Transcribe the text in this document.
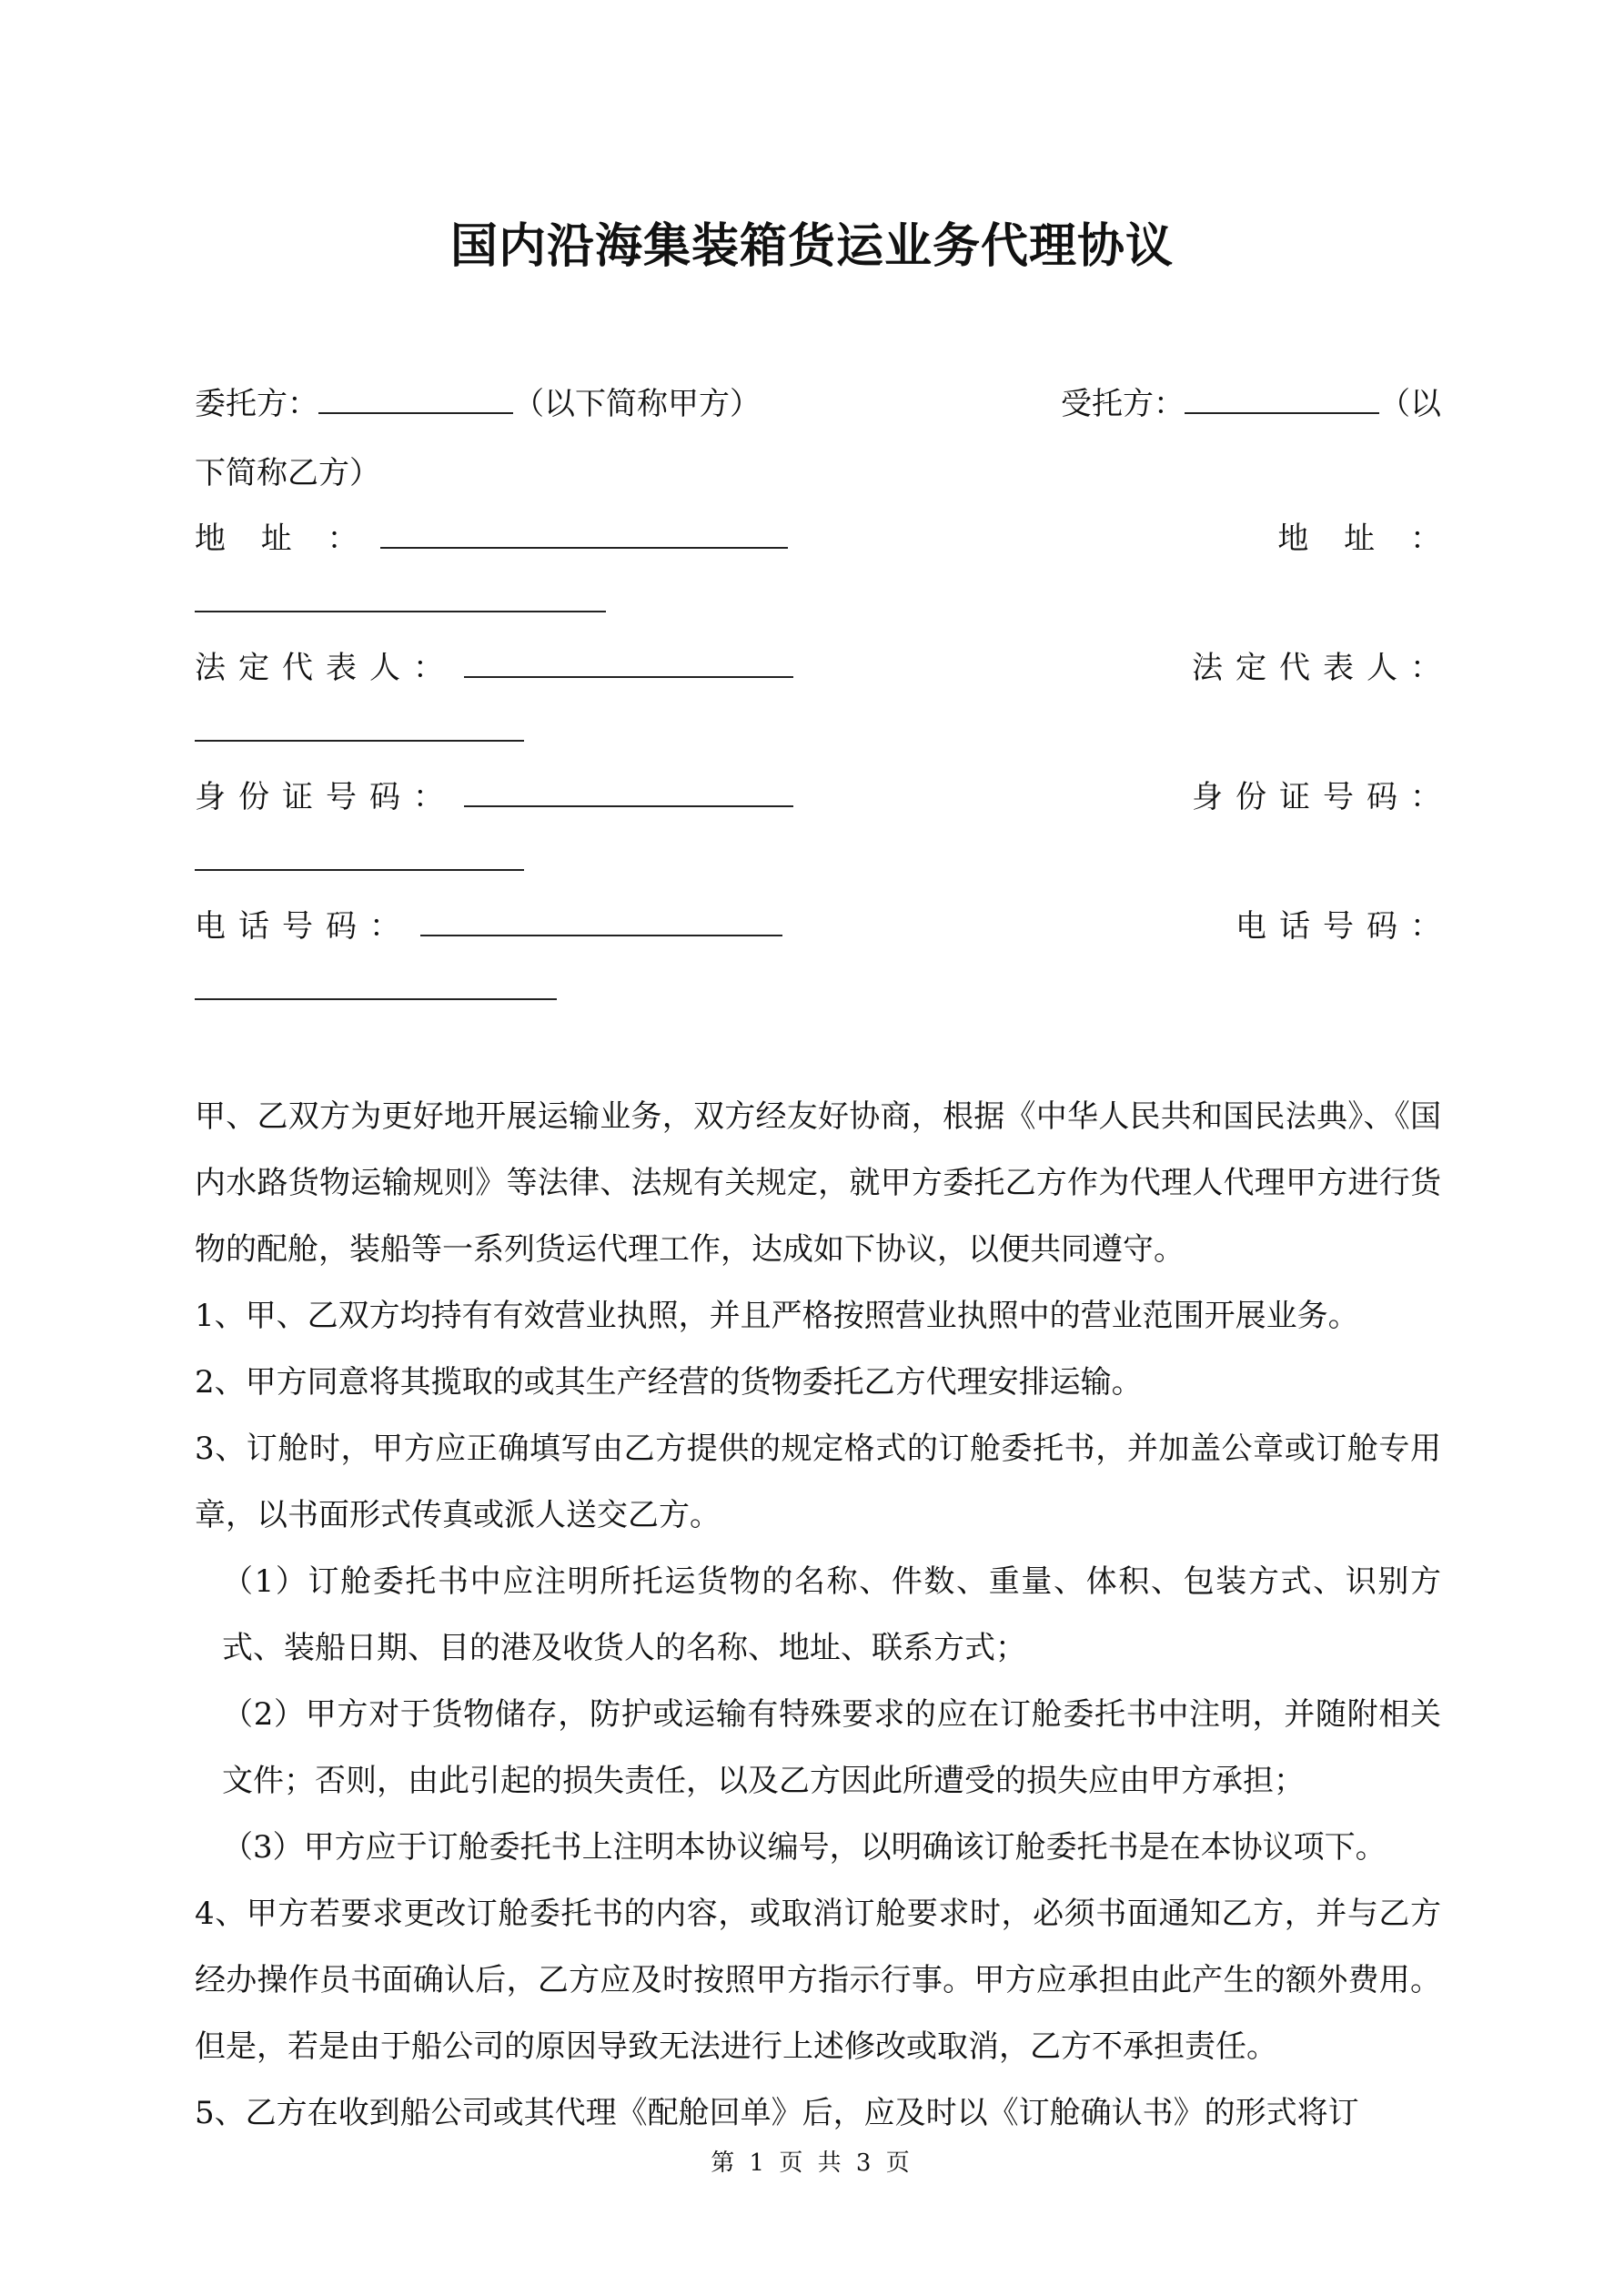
国内沿海集装箱货运业务代理协议
委托方：	（以下简称甲方）	受托方：	（以
下简称乙方）
地 址 ：	地 址 ：
法定代表人：	法定代表人：
身份证号码：	身份证号码：
电话号码：	电话号码：

甲、乙双方为更好地开展运输业务，双方经友好协商，根据《中华人民共和国民法典》、《国内水路货物运输规则》等法律、法规有关规定，就甲方委托乙方作为代理人代理甲方进行货物的配舱，装船等一系列货运代理工作，达成如下协议，以便共同遵守。

1、甲、乙双方均持有有效营业执照，并且严格按照营业执照中的营业范围开展业务。

2、甲方同意将其揽取的或其生产经营的货物委托乙方代理安排运输。

3、订舱时，甲方应正确填写由乙方提供的规定格式的订舱委托书，并加盖公章或订舱专用章，以书面形式传真或派人送交乙方。

（1）订舱委托书中应注明所托运货物的名称、件数、重量、体积、包装方式、识别方式、装船日期、目的港及收货人的名称、地址、联系方式；

（2）甲方对于货物储存，防护或运输有特殊要求的应在订舱委托书中注明，并随附相关文件；否则，由此引起的损失责任，以及乙方因此所遭受的损失应由甲方承担；

（3）甲方应于订舱委托书上注明本协议编号，以明确该订舱委托书是在本协议项下。

4、甲方若要求更改订舱委托书的内容，或取消订舱要求时，必须书面通知乙方，并与乙方经办操作员书面确认后，乙方应及时按照甲方指示行事。甲方应承担由此产生的额外费用。但是，若是由于船公司的原因导致无法进行上述修改或取消，乙方不承担责任。

5、乙方在收到船公司或其代理《配舱回单》后，应及时以《订舱确认书》的形式将订

第 1 页 共 3 页
